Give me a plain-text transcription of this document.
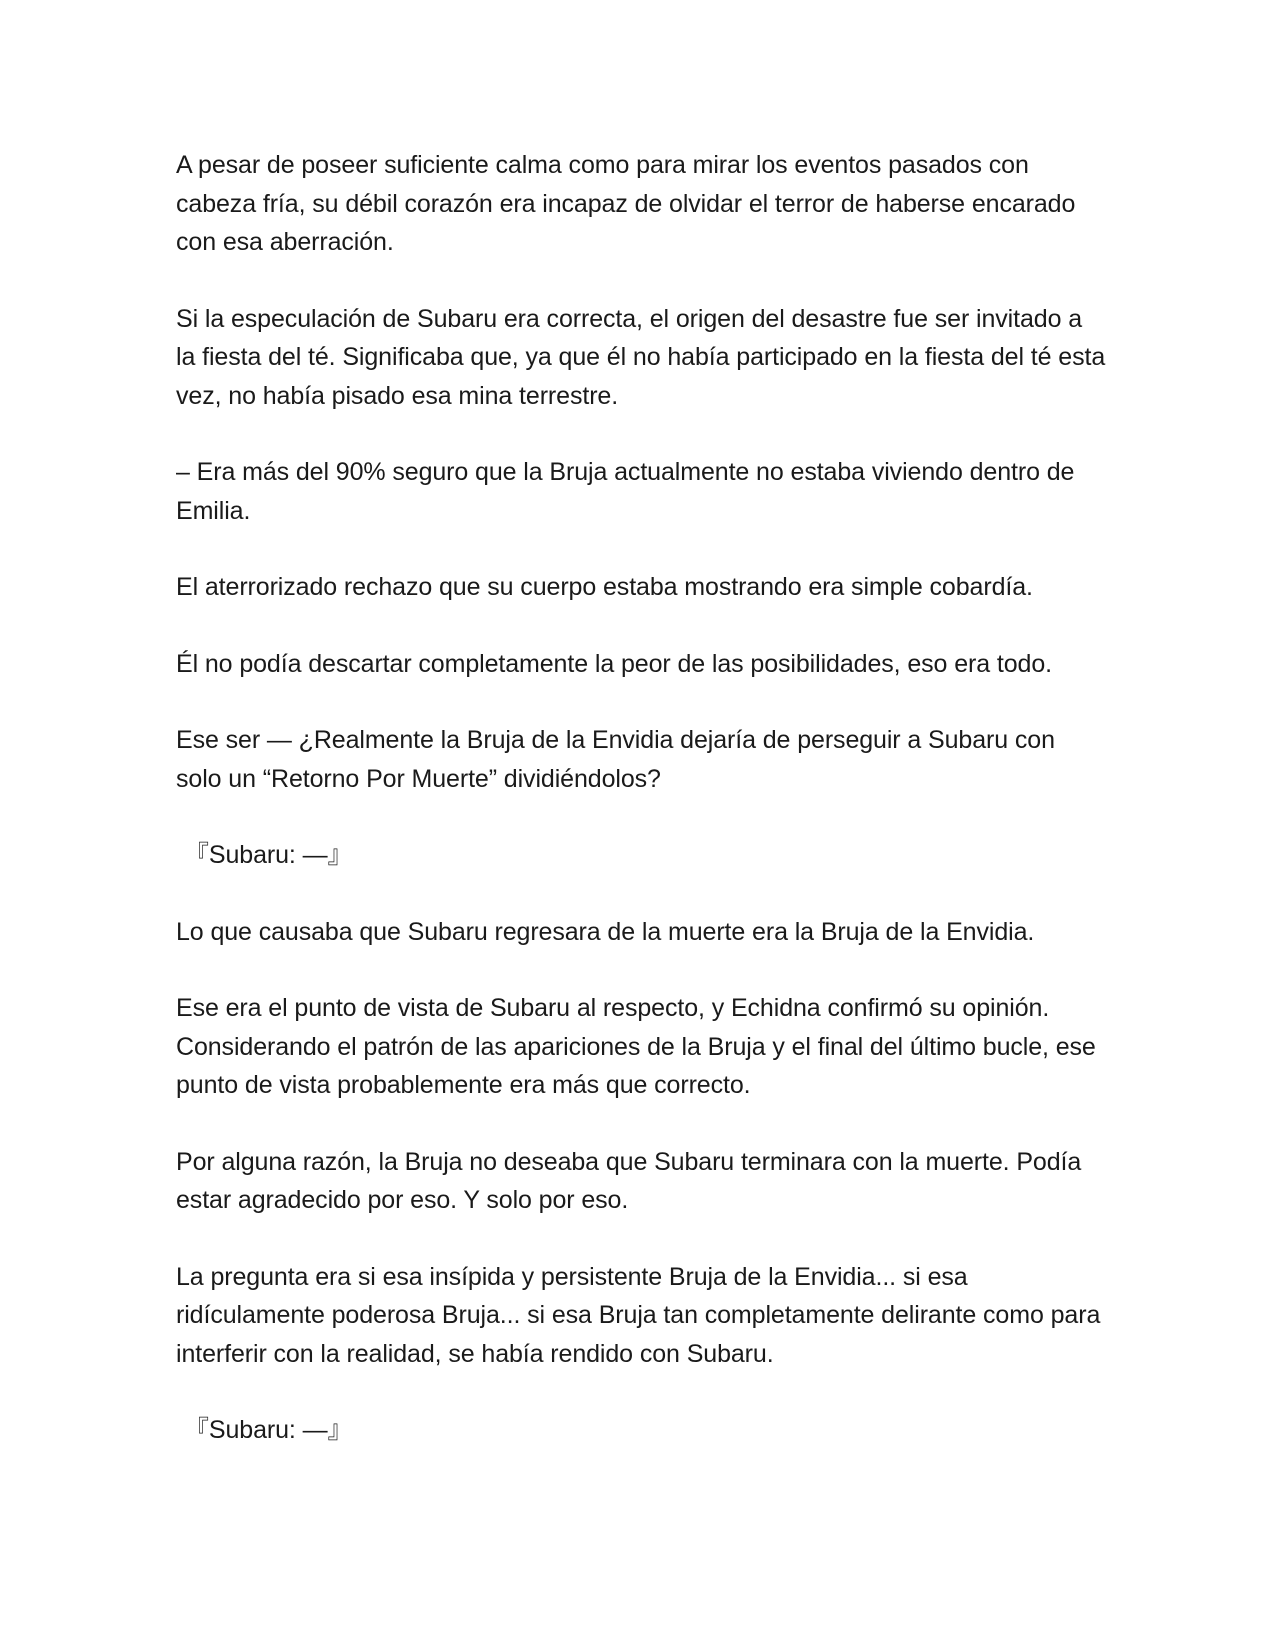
A pesar de poseer suficiente calma como para mirar los eventos pasados con cabeza fría, su débil corazón era incapaz de olvidar el terror de haberse encarado con esa aberración.

Si la especulación de Subaru era correcta, el origen del desastre fue ser invitado a la fiesta del té. Significaba que, ya que él no había participado en la fiesta del té esta vez, no había pisado esa mina terrestre.

– Era más del 90% seguro que la Bruja actualmente no estaba viviendo dentro de Emilia.

El aterrorizado rechazo que su cuerpo estaba mostrando era simple cobardía.

Él no podía descartar completamente la peor de las posibilidades, eso era todo.

Ese ser — ¿Realmente la Bruja de la Envidia dejaría de perseguir a Subaru con solo un “Retorno Por Muerte” dividiéndolos?

『Subaru: —』

Lo que causaba que Subaru regresara de la muerte era la Bruja de la Envidia.

Ese era el punto de vista de Subaru al respecto, y Echidna confirmó su opinión. Considerando el patrón de las apariciones de la Bruja y el final del último bucle, ese punto de vista probablemente era más que correcto.

Por alguna razón, la Bruja no deseaba que Subaru terminara con la muerte. Podía estar agradecido por eso. Y solo por eso.

La pregunta era si esa insípida y persistente Bruja de la Envidia... si esa ridículamente poderosa Bruja... si esa Bruja tan completamente delirante como para interferir con la realidad, se había rendido con Subaru.

『Subaru: —』
